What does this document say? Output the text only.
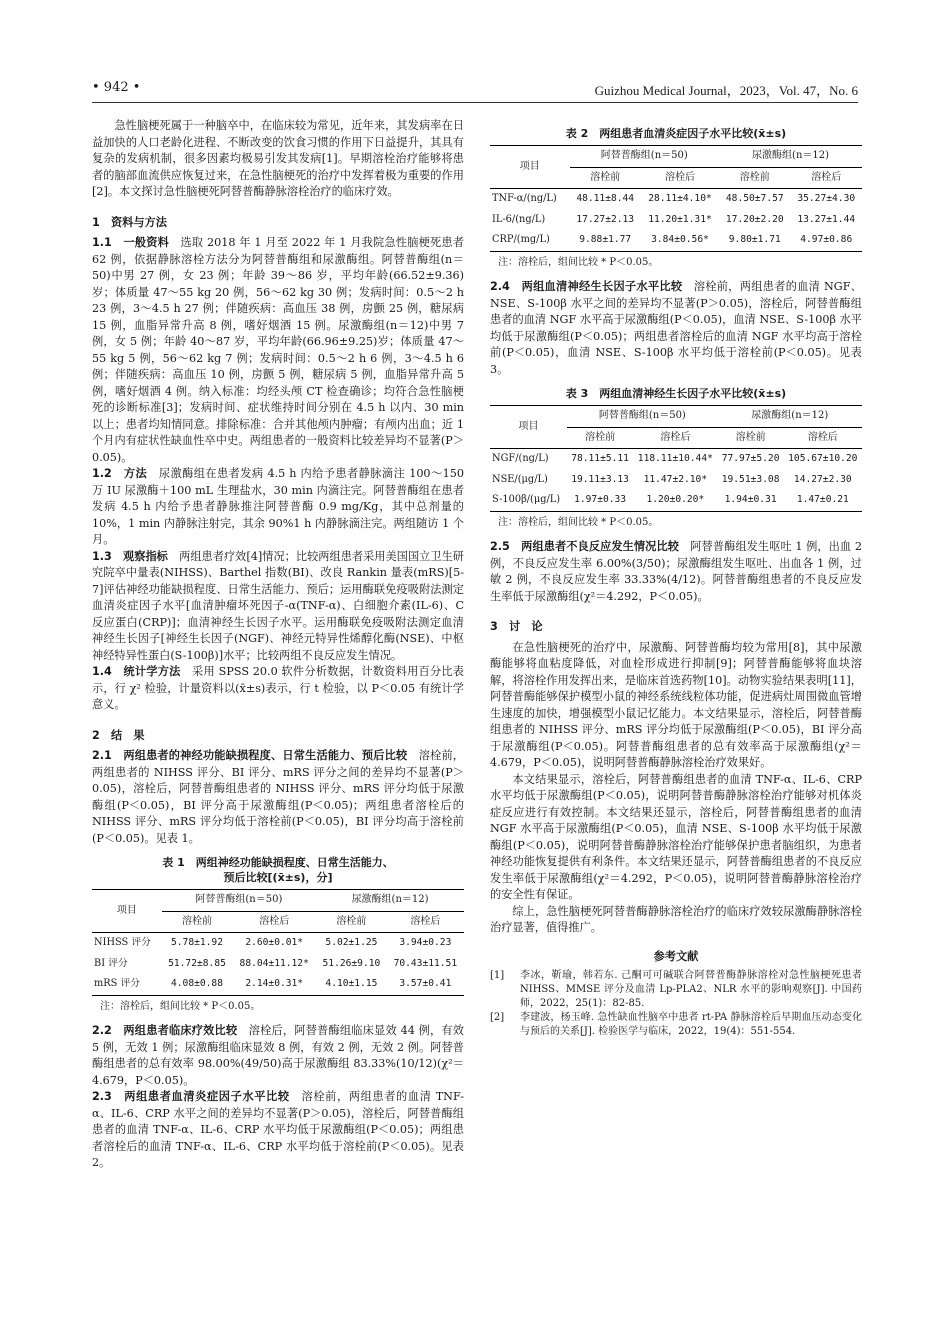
• 942 •	Guizhou Medical Journal，2023，Vol. 47，No. 6

急性脑梗死属于一种脑卒中，在临床较为常见，近年来，其发病率在日益加快的人口老龄化进程、不断改变的饮食习惯的作用下日益提升，其具有复杂的发病机制，很多因素均极易引发其发病[1]。早期溶栓治疗能够将患者的脑部血流供应恢复过来，在急性脑梗死的治疗中发挥着极为重要的作用[2]。本文探讨急性脑梗死阿替普酶静脉溶栓治疗的临床疗效。

1　资料与方法

1.1　一般资料　 选取 2018 年 1 月至 2022 年 1 月我院急性脑梗死患者 62 例，依据静脉溶栓方法分为阿替普酶组和尿激酶组。阿替普酶组(n＝50)中男 27 例，女 23 例；年龄 39～86 岁，平均年龄(66.52±9.36)岁；体质量 47～55 kg 20 例，56～62 kg 30 例；发病时间：0.5～2 h 23 例，3～4.5 h 27 例；伴随疾病：高血压 38 例，房颤 25 例，糖尿病 15 例，血脂异常升高 8 例，嗜好烟酒 15 例。尿激酶组(n＝12)中男 7 例，女 5 例；年龄 40～87 岁，平均年龄(66.96±9.25)岁；体质量 47～55 kg 5 例，56～62 kg 7 例；发病时间：0.5～2 h 6 例，3～4.5 h 6 例；伴随疾病：高血压 10 例，房颤 5 例，糖尿病 5 例，血脂异常升高 5 例，嗜好烟酒 4 例。纳入标准：均经头颅 CT 检查确诊；均符合急性脑梗死的诊断标准[3]；发病时间、症状维持时间分别在 4.5 h 以内、30 min 以上；患者均知情同意。排除标准：合并其他颅内肿瘤；有颅内出血；近 1 个月内有症状性缺血性卒中史。两组患者的一般资料比较差异均不显著(P＞0.05)。

1.2　方法　 尿激酶组在患者发病 4.5 h 内给予患者静脉滴注 100～150 万 IU 尿激酶＋100 mL 生理盐水，30 min 内滴注完。阿替普酶组在患者发病 4.5 h 内给予患者静脉推注阿替普酶 0.9 mg/Kg，其中总剂量的 10%，1 min 内静脉注射完，其余 90%1 h 内静脉滴注完。两组随访 1 个月。

1.3　观察指标　 两组患者疗效[4]情况；比较两组患者采用美国国立卫生研究院卒中量表(NIHSS)、Barthel 指数(BI)、改良 Rankin 量表(mRS)[5-7]评估神经功能缺损程度、日常生活能力、预后；运用酶联免疫吸附法测定血清炎症因子水平[血清肿瘤坏死因子-α(TNF-α)、白细胞介素(IL-6)、C 反应蛋白(CRP)]；血清神经生长因子水平。运用酶联免疫吸附法测定血清神经生长因子[神经生长因子(NGF)、神经元特异性烯醇化酶(NSE)、中枢神经特异性蛋白(S-100β)]水平；比较两组不良反应发生情况。

1.4　统计学方法　 采用 SPSS 20.0 软件分析数据，计数资料用百分比表示，行 χ² 检验，计量资料以(x̄±s)表示，行 t 检验，以 P＜0.05 有统计学意义。

2　结　果

2.1　两组患者的神经功能缺损程度、日常生活能力、预后比较　 溶栓前，两组患者的 NIHSS 评分、BI 评分、mRS 评分之间的差异均不显著(P＞0.05)，溶栓后，阿替普酶组患者的 NIHSS 评分、mRS 评分均低于尿激酶组(P＜0.05)，BI 评分高于尿激酶组(P＜0.05)；两组患者溶栓后的 NIHSS 评分、mRS 评分均低于溶栓前(P＜0.05)，BI 评分均高于溶栓前(P＜0.05)。见表 1。

表 1　两组神经功能缺损程度、日常生活能力、
预后比较[(x̄±s)，分]
项目	阿替普酶组(n＝50)		尿激酶组(n＝12)	
	溶栓前	溶栓后	溶栓前	溶栓后
NIHSS 评分	5.78±1.92	2.60±0.01*	5.02±1.25	3.94±0.23
BI 评分	51.72±8.85	88.04±11.12*	51.26±9.10	70.43±11.51
mRS 评分	4.08±0.88	2.14±0.31*	4.10±1.15	3.57±0.41
注：溶栓后，组间比较 * P＜0.05。

2.2　两组患者临床疗效比较　 溶栓后，阿替普酶组临床显效 44 例，有效 5 例，无效 1 例；尿激酶组临床显效 8 例，有效 2 例，无效 2 例。阿替普酶组患者的总有效率 98.00%(49/50)高于尿激酶组 83.33%(10/12)(χ²＝4.679，P＜0.05)。

2.3　两组患者血清炎症因子水平比较　 溶栓前，两组患者的血清 TNF-α、IL-6、CRP 水平之间的差异均不显著(P＞0.05)，溶栓后，阿替普酶组患者的血清 TNF-α、IL-6、CRP 水平均低于尿激酶组(P＜0.05)；两组患者溶栓后的血清 TNF-α、IL-6、CRP 水平均低于溶栓前(P＜0.05)。见表 2。

表 2　两组患者血清炎症因子水平比较(x̄±s)
项目	阿替普酶组(n＝50)		尿激酶组(n＝12)	
	溶栓前	溶栓后	溶栓前	溶栓后
TNF-α/(ng/L)	48.11±8.44	28.11±4.10*	48.50±7.57	35.27±4.30
IL-6/(ng/L)	17.27±2.13	11.20±1.31*	17.20±2.20	13.27±1.44
CRP/(mg/L)	9.88±1.77	3.84±0.56*	9.80±1.71	4.97±0.86
注：溶栓后，组间比较 * P＜0.05。

2.4　两组血清神经生长因子水平比较　 溶栓前，两组患者的血清 NGF、NSE、S-100β 水平之间的差异均不显著(P＞0.05)，溶栓后，阿替普酶组患者的血清 NGF 水平高于尿激酶组(P＜0.05)，血清 NSE、S-100β 水平均低于尿激酶组(P＜0.05)；两组患者溶栓后的血清 NGF 水平均高于溶栓前(P＜0.05)，血清 NSE、S-100β 水平均低于溶栓前(P＜0.05)。见表 3。

表 3　两组血清神经生长因子水平比较(x̄±s)
项目	阿替普酶组(n＝50)		尿激酶组(n＝12)	
	溶栓前	溶栓后	溶栓前	溶栓后
NGF/(ng/L)	78.11±5.11	118.11±10.44*	77.97±5.20	105.67±10.20
NSE/(μg/L)	19.11±3.13	11.47±2.10*	19.51±3.08	14.27±2.30
S-100β/(μg/L)	1.97±0.33	1.20±0.20*	1.94±0.31	1.47±0.21
注：溶栓后，组间比较 * P＜0.05。

2.5　两组患者不良反应发生情况比较　 阿替普酶组发生呕吐 1 例，出血 2 例，不良反应发生率 6.00%(3/50)；尿激酶组发生呕吐、出血各 1 例，过敏 2 例，不良反应发生率 33.33%(4/12)。阿替普酶组患者的不良反应发生率低于尿激酶组(χ²＝4.292，P＜0.05)。

3　讨　论

在急性脑梗死的治疗中，尿激酶、阿替普酶均较为常用[8]，其中尿激酶能够将血粘度降低，对血栓形成进行抑制[9]；阿替普酶能够将血块溶解，将溶栓作用发挥出来，是临床首选药物[10]。动物实验结果表明[11]，阿替普酶能够保护模型小鼠的神经系统线粒体功能，促进病灶周围微血管增生速度的加快，增强模型小鼠记忆能力。本文结果显示，溶栓后，阿替普酶组患者的 NIHSS 评分、mRS 评分均低于尿激酶组(P＜0.05)，BI 评分高于尿激酶组(P＜0.05)。阿替普酶组患者的总有效率高于尿激酶组(χ²＝4.679，P＜0.05)，说明阿替普酶静脉溶栓治疗效果好。

本文结果显示，溶栓后，阿替普酶组患者的血清 TNF-α、IL-6、CRP 水平均低于尿激酶组(P＜0.05)，说明阿替普酶静脉溶栓治疗能够对机体炎症反应进行有效控制。本文结果还显示，溶栓后，阿替普酶组患者的血清 NGF 水平高于尿激酶组(P＜0.05)，血清 NSE、S-100β 水平均低于尿激酶组(P＜0.05)，说明阿替普酶静脉溶栓治疗能够保护患者脑组织，为患者神经功能恢复提供有利条件。本文结果还显示，阿替普酶组患者的不良反应发生率低于尿激酶组(χ²＝4.292，P＜0.05)，说明阿替普酶静脉溶栓治疗的安全性有保证。

综上，急性脑梗死阿替普酶静脉溶栓治疗的临床疗效较尿激酶静脉溶栓治疗显著，值得推广。

参考文献
[1]	李冰，靳瑜，韩若东. 己酮可可碱联合阿替普酶静脉溶栓对急性脑梗死患者 NIHSS、MMSE 评分及血清 Lp-PLA2、NLR 水平的影响观察[J]. 中国药师，2022，25(1)：82-85.
[2]	李建波，杨玉峰. 急性缺血性脑卒中患者 rt-PA 静脉溶栓后早期血压动态变化与预后的关系[J]. 检验医学与临床，2022，19(4)：551-554.
